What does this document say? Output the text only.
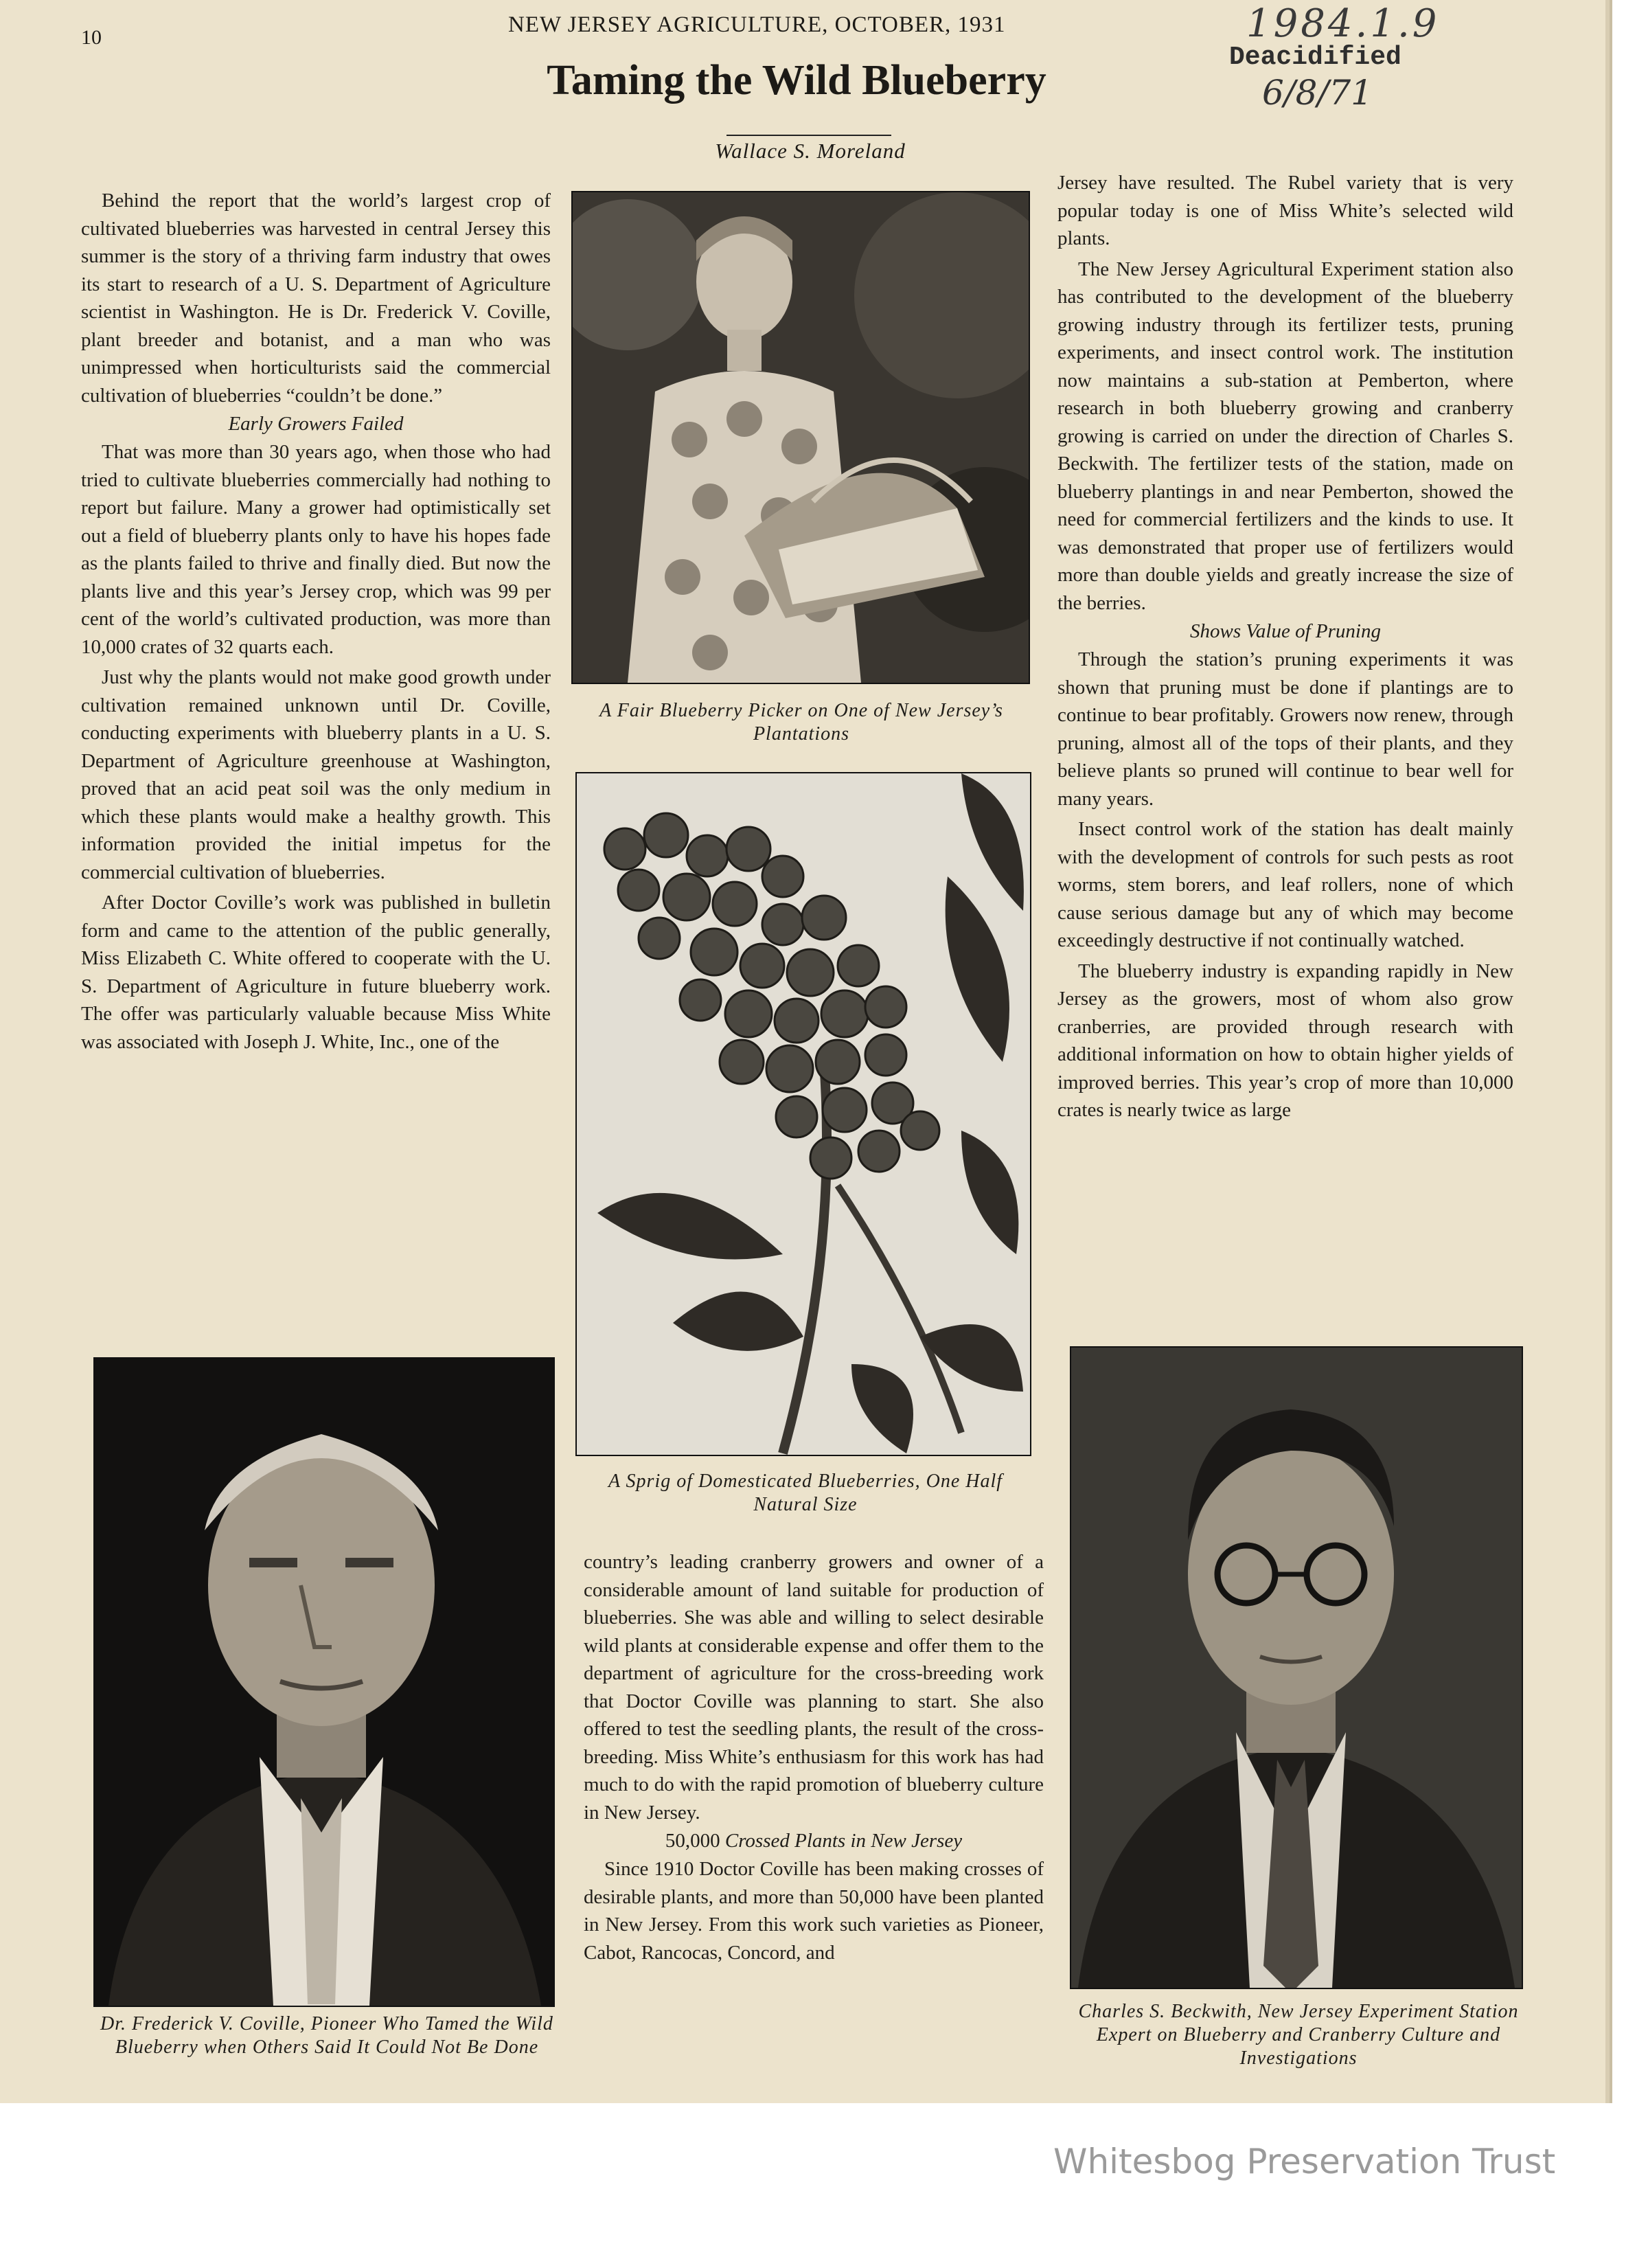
10
NEW JERSEY AGRICULTURE, OCTOBER, 1931
Taming the Wild Blueberry
Wallace S. Moreland
1984.1.9
Deacidified
6/8/71

Behind the report that the world’s largest crop of cultivated blueberries was harvested in central Jersey this summer is the story of a thriving farm industry that owes its start to research of a U. S. Department of Agriculture scientist in Washington. He is Dr. Frederick V. Coville, plant breeder and botanist, and a man who was unimpressed when horticulturists said the commercial cultivation of blueberries “couldn’t be done.”

Early Growers Failed

That was more than 30 years ago, when those who had tried to cultivate blueberries commercially had nothing to report but failure. Many a grower had optimistically set out a field of blueberry plants only to have his hopes fade as the plants failed to thrive and finally died. But now the plants live and this year’s Jersey crop, which was 99 per cent of the world’s cultivated production, was more than 10,000 crates of 32 quarts each.

Just why the plants would not make good growth under cultivation remained unknown until Dr. Coville, conducting experiments with blueberry plants in a U. S. Department of Agriculture greenhouse at Washington, proved that an acid peat soil was the only medium in which these plants would make a healthy growth. This information provided the initial impetus for the commercial cultivation of blueberries.

After Doctor Coville’s work was published in bulletin form and came to the attention of the public generally, Miss Elizabeth C. White offered to cooperate with the U. S. Department of Agriculture in future blueberry work. The offer was particularly valuable because Miss White was associated with Joseph J. White, Inc., one of the

A Fair Blueberry Picker on One of New Jersey’s Plantations
A Sprig of Domesticated Blueberries, One Half Natural Size

country’s leading cranberry growers and owner of a considerable amount of land suitable for production of blueberries. She was able and willing to select desirable wild plants at considerable expense and offer them to the department of agriculture for the cross-breeding work that Doctor Coville was planning to start. She also offered to test the seedling plants, the result of the cross-breeding. Miss White’s enthusiasm for this work has had much to do with the rapid promotion of blueberry culture in New Jersey.

50,000 Crossed Plants in New Jersey

Since 1910 Doctor Coville has been making crosses of desirable plants, and more than 50,000 have been planted in New Jersey. From this work such varieties as Pioneer, Cabot, Rancocas, Concord, and

Dr. Frederick V. Coville, Pioneer Who Tamed the Wild Blueberry when Others Said It Could Not Be Done

Jersey have resulted. The Rubel variety that is very popular today is one of Miss White’s selected wild plants.

The New Jersey Agricultural Experiment station also has contributed to the development of the blueberry growing industry through its fertilizer tests, pruning experiments, and insect control work. The institution now maintains a sub-station at Pemberton, where research in both blueberry growing and cranberry growing is carried on under the direction of Charles S. Beckwith. The fertilizer tests of the station, made on blueberry plantings in and near Pemberton, showed the need for commercial fertilizers and the kinds to use. It was demonstrated that proper use of fertilizers would more than double yields and greatly increase the size of the berries.

Shows Value of Pruning

Through the station’s pruning experiments it was shown that pruning must be done if plantings are to continue to bear profitably. Growers now renew, through pruning, almost all of the tops of their plants, and they believe plants so pruned will continue to bear well for many years.

Insect control work of the station has dealt mainly with the development of controls for such pests as root worms, stem borers, and leaf rollers, none of which cause serious damage but any of which may become exceedingly destructive if not continually watched.

The blueberry industry is expanding rapidly in New Jersey as the growers, most of whom also grow cranberries, are provided through research with additional information on how to obtain higher yields of improved berries. This year’s crop of more than 10,000 crates is nearly twice as large

Charles S. Beckwith, New Jersey Experiment Station Expert on Blueberry and Cranberry Culture and Investigations
Whitesbog Preservation Trust
